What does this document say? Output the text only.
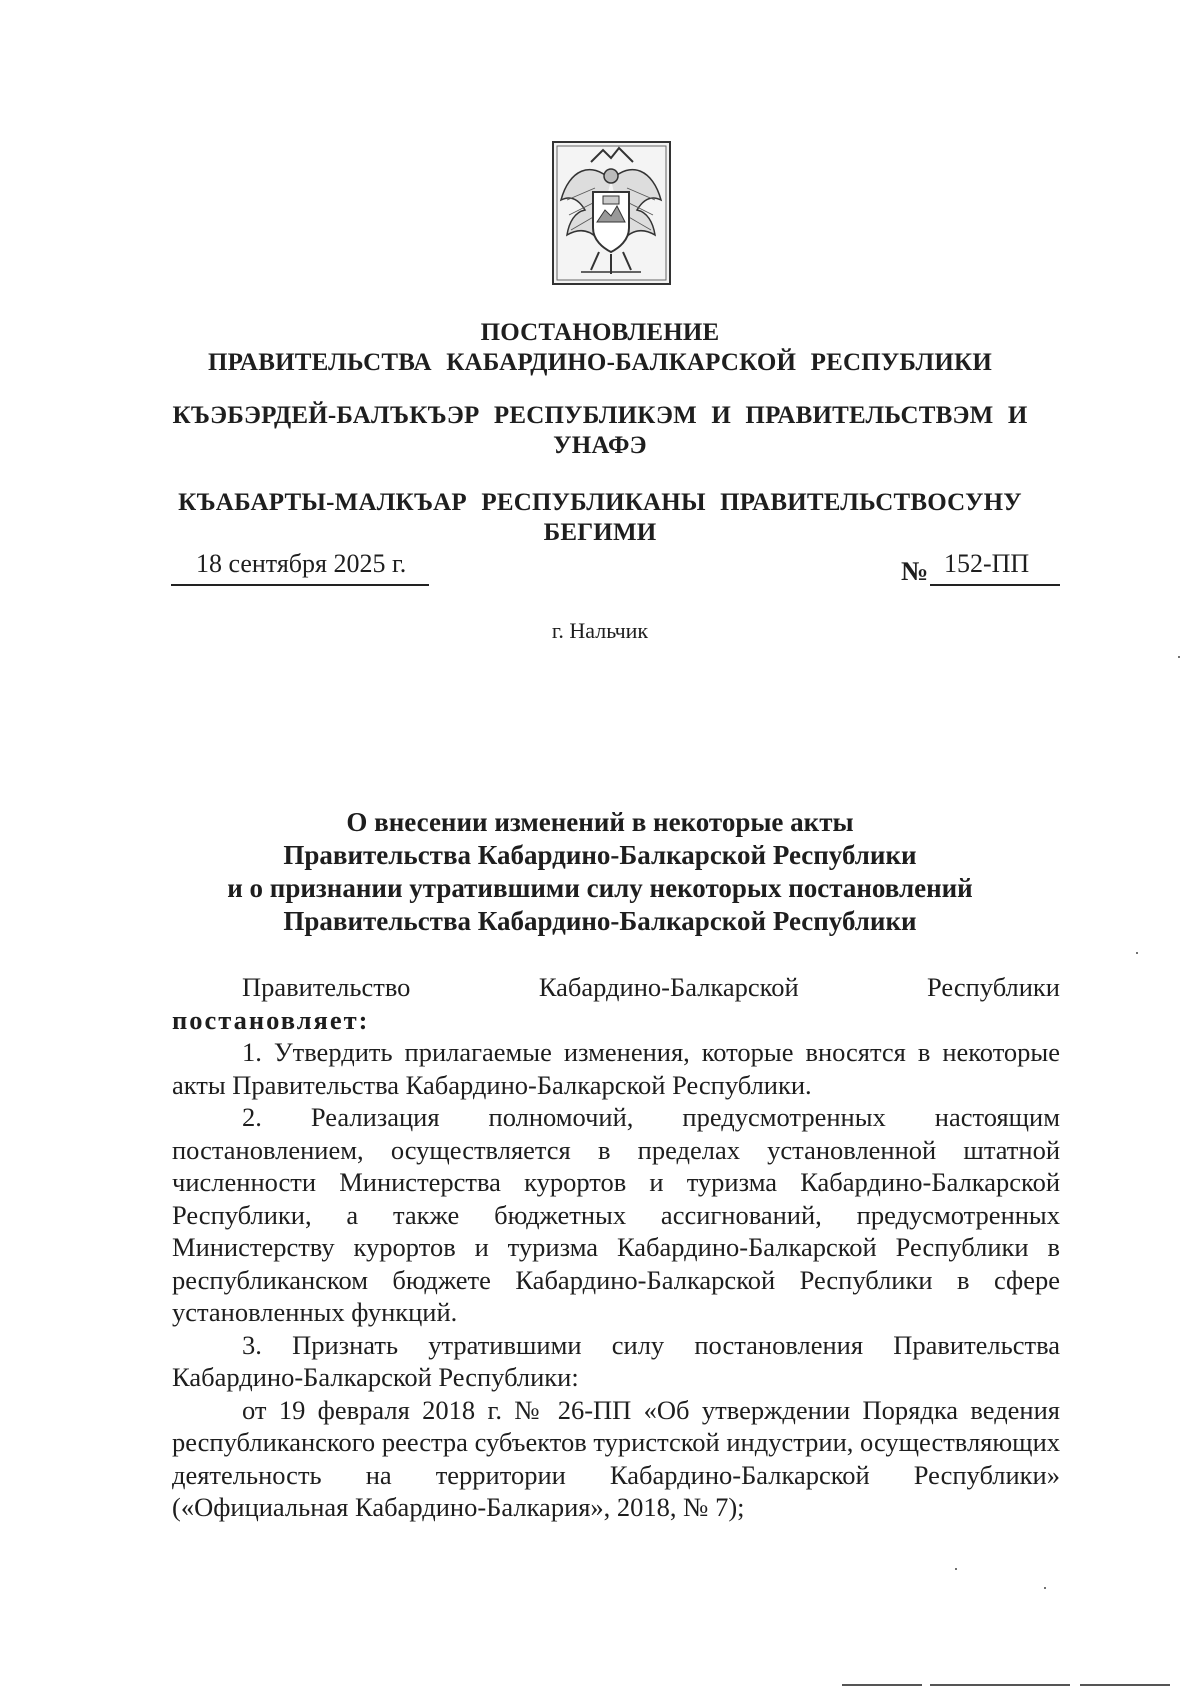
ПОСТАНОВЛЕНИЕ
ПРАВИТЕЛЬСТВА КАБАРДИНО-БАЛКАРСКОЙ РЕСПУБЛИКИ
КЪЭБЭРДЕЙ-БАЛЪКЪЭР РЕСПУБЛИКЭМ И ПРАВИТЕЛЬСТВЭМ И
УНАФЭ
КЪАБАРТЫ-МАЛКЪАР РЕСПУБЛИКАНЫ ПРАВИТЕЛЬСТВОСУНУ
БЕГИМИ
18 сентября 2025 г.	№ 152-ПП
г. Нальчик
О внесении изменений в некоторые акты
Правительства Кабардино-Балкарской Республики
и о признании утратившими силу некоторых постановлений
Правительства Кабардино-Балкарской Республики
Правительство	Кабардино-Балкарской	Республики

постановляет:

1. Утвердить прилагаемые изменения, которые вносятся в некоторые акты Правительства Кабардино-Балкарской Республики.

2. Реализация полномочий, предусмотренных настоящим постановлением, осуществляется в пределах установленной штатной численности Министерства курортов и туризма Кабардино-Балкарской Республики, а также бюджетных ассигнований, предусмотренных Министерству курортов и туризма Кабардино-Балкарской Республики в республиканском бюджете Кабардино-Балкарской Республики в сфере установленных функций.

3. Признать утратившими силу постановления Правительства Кабардино-Балкарской Республики:

от 19 февраля 2018 г. № 26-ПП «Об утверждении Порядка ведения республиканского реестра субъектов туристской индустрии, осуществляющих деятельность на территории Кабардино-Балкарской Республики» («Официальная Кабардино-Балкария», 2018, № 7);
